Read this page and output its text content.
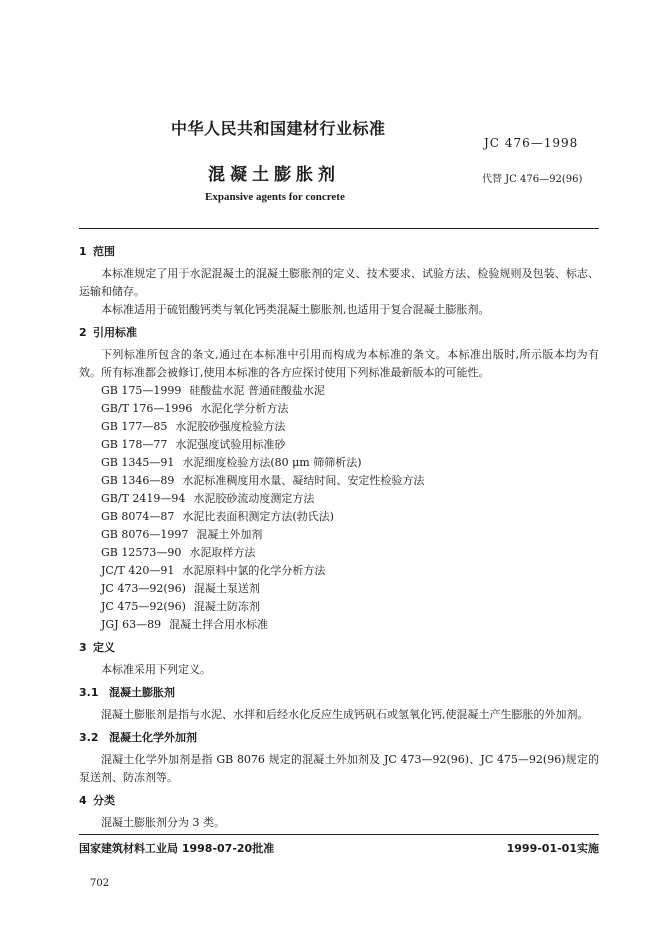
中华人民共和国建材行业标准
JC 476—1998
混凝土膨胀剂	代替 JC 476—92(96)
Expansive agents for concrete

1 范围

本标准规定了用于水泥混凝土的混凝土膨胀剂的定义、技术要求、试验方法、检验规则及包装、标志、运输和储存。

本标准适用于硫铝酸钙类与氧化钙类混凝土膨胀剂,也适用于复合混凝土膨胀剂。

2 引用标准

下列标准所包含的条文,通过在本标准中引用而构成为本标准的条文。本标准出版时,所示版本均为有效。所有标准都会被修订,使用本标准的各方应探讨使用下列标准最新版本的可能性。

GB 175—1999 硅酸盐水泥 普通硅酸盐水泥

GB/T 176—1996 水泥化学分析方法

GB 177—85 水泥胶砂强度检验方法

GB 178—77 水泥强度试验用标准砂

GB 1345—91 水泥细度检验方法(80 μm 筛筛析法)

GB 1346—89 水泥标准稠度用水量、凝结时间、安定性检验方法

GB/T 2419—94 水泥胶砂流动度测定方法

GB 8074—87 水泥比表面积测定方法(勃氏法)

GB 8076—1997 混凝土外加剂

GB 12573—90 水泥取样方法

JC/T 420—91 水泥原料中氯的化学分析方法

JC 473—92(96) 混凝土泵送剂

JC 475—92(96) 混凝土防冻剂

JGJ 63—89 混凝土拌合用水标准

3 定义

本标准采用下列定义。

3.1 混凝土膨胀剂

混凝土膨胀剂是指与水泥、水拌和后经水化反应生成钙矾石或氢氧化钙,使混凝土产生膨胀的外加剂。

3.2 混凝土化学外加剂

混凝土化学外加剂是指 GB 8076 规定的混凝土外加剂及 JC 473—92(96)、JC 475—92(96)规定的泵送剂、防冻剂等。

4 分类

混凝土膨胀剂分为 3 类。

国家建筑材料工业局 1998-07-20批准	1999-01-01实施
702
